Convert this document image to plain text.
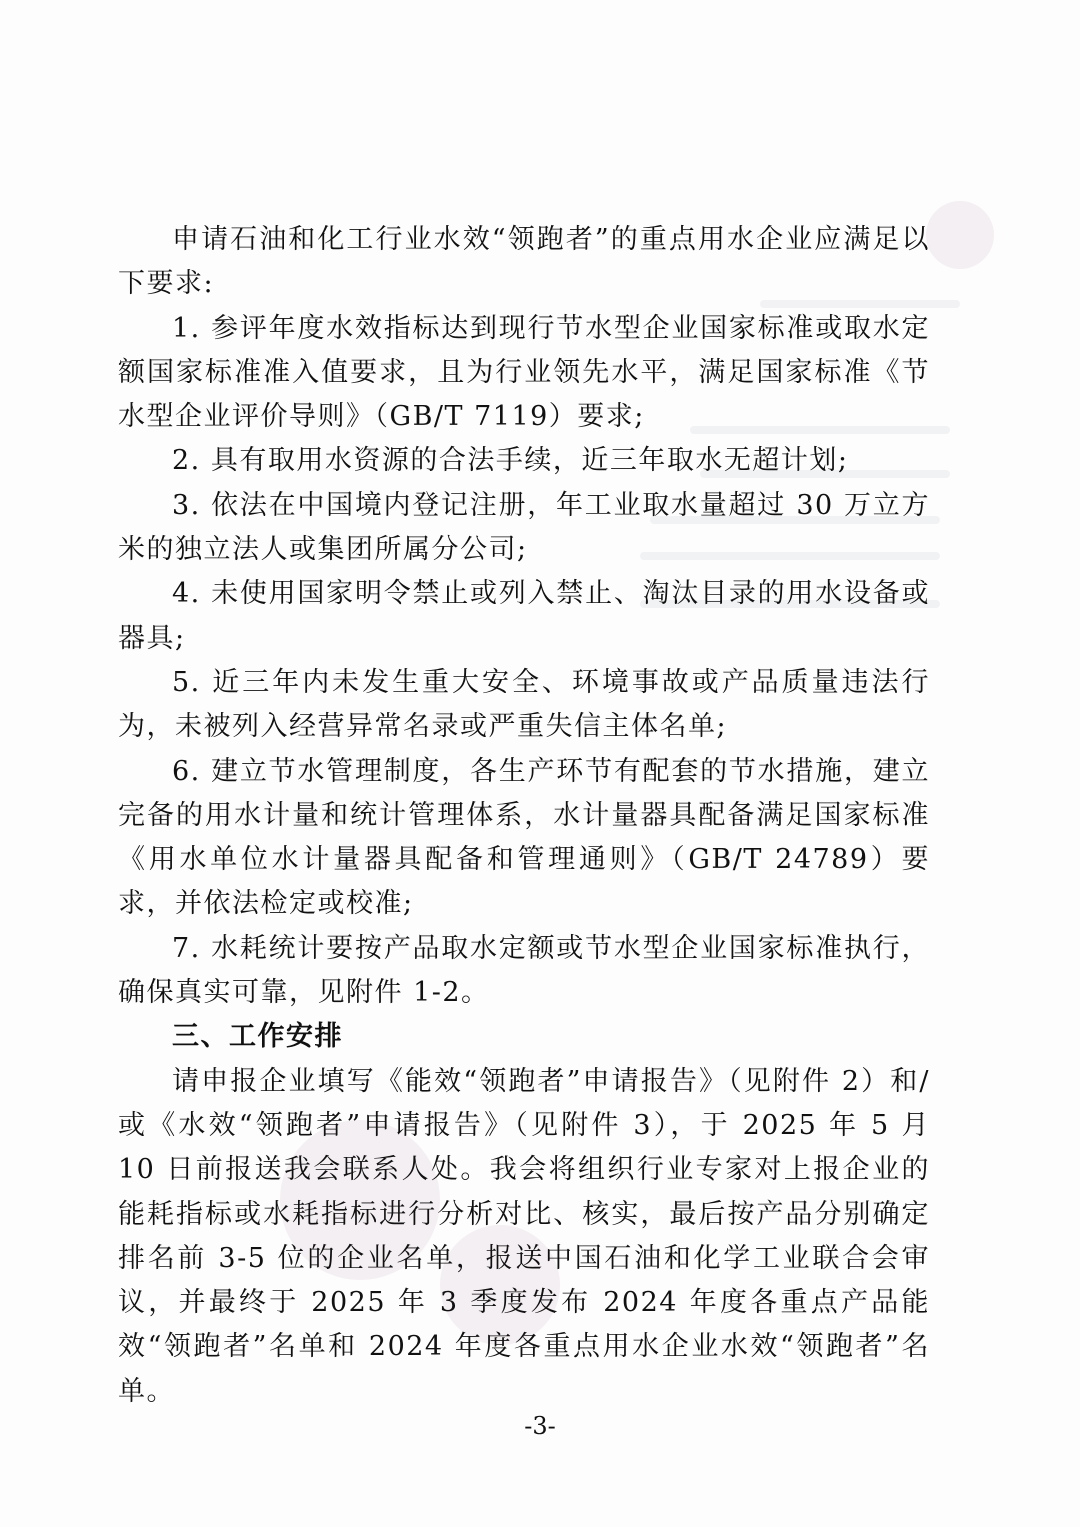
申请石油和化工行业水效“领跑者”的重点用水企业应满足以下要求:

1. 参评年度水效指标达到现行节水型企业国家标准或取水定额国家标准准入值要求，且为行业领先水平，满足国家标准《节水型企业评价导则》（GB/T 7119）要求;

2. 具有取用水资源的合法手续，近三年取水无超计划;

3. 依法在中国境内登记注册，年工业取水量超过 30 万立方米的独立法人或集团所属分公司;

4. 未使用国家明令禁止或列入禁止、淘汰目录的用水设备或器具;

5. 近三年内未发生重大安全、环境事故或产品质量违法行为，未被列入经营异常名录或严重失信主体名单;

6. 建立节水管理制度，各生产环节有配套的节水措施，建立完备的用水计量和统计管理体系，水计量器具配备满足国家标准《用水单位水计量器具配备和管理通则》（GB/T 24789）要求，并依法检定或校准;

7. 水耗统计要按产品取水定额或节水型企业国家标准执行，确保真实可靠，见附件 1-2。

三、工作安排

请申报企业填写《能效“领跑者”申请报告》（见附件 2）和/或《水效“领跑者”申请报告》（见附件 3），于 2025 年 5 月 10 日前报送我会联系人处。我会将组织行业专家对上报企业的能耗指标或水耗指标进行分析对比、核实，最后按产品分别确定排名前 3-5 位的企业名单，报送中国石油和化学工业联合会审议，并最终于 2025 年 3 季度发布 2024 年度各重点产品能效“领跑者”名单和 2024 年度各重点用水企业水效“领跑者”名单。

-3-
